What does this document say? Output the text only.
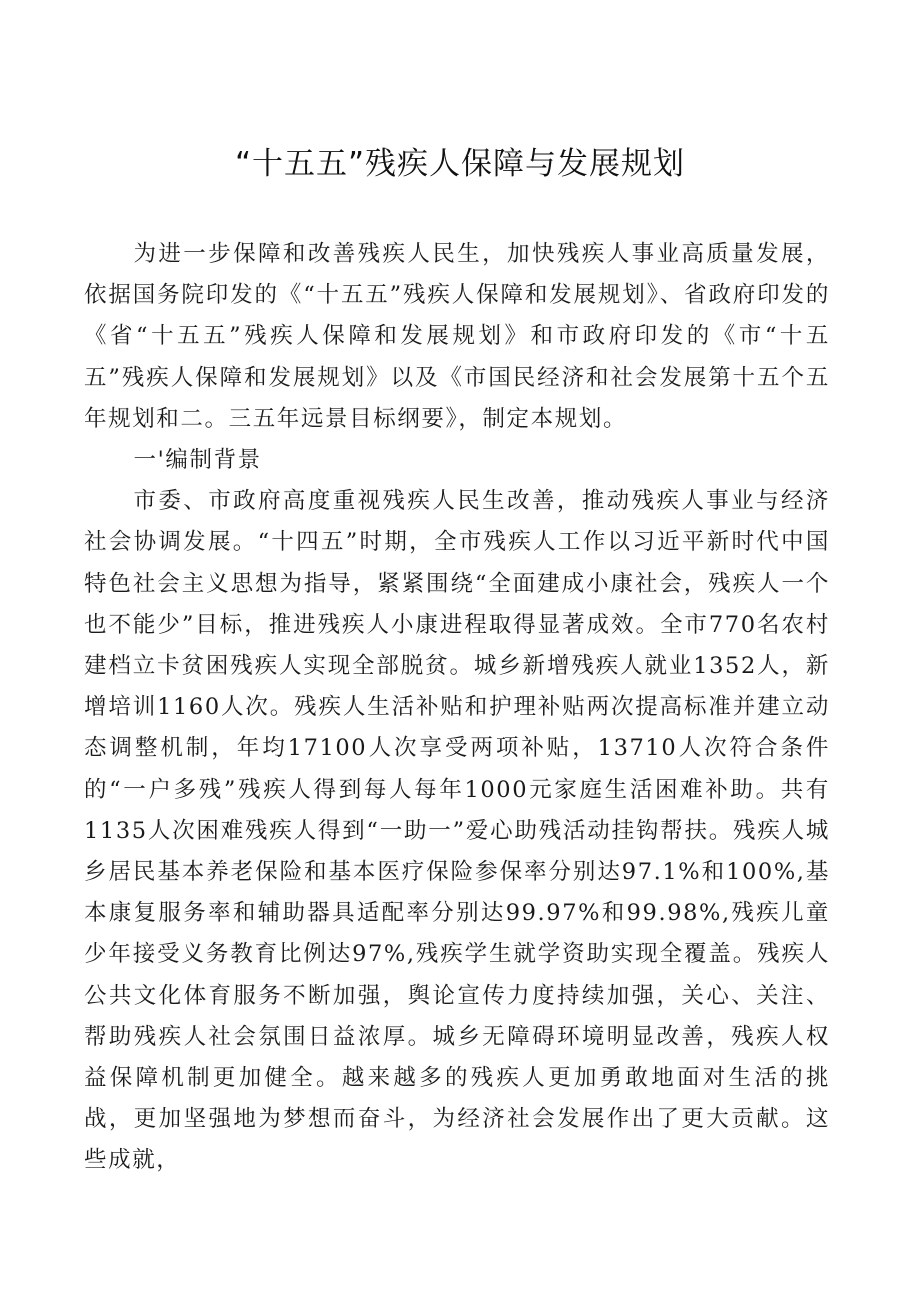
“十五五”残疾人保障与发展规划

为进一步保障和改善残疾人民生，加快残疾人事业高质量发展，依据国务院印发的《“十五五”残疾人保障和发展规划》、省政府印发的《省“十五五”残疾人保障和发展规划》和市政府印发的《市“十五五”残疾人保障和发展规划》以及《市国民经济和社会发展第十五个五年规划和二。三五年远景目标纲要》，制定本规划。

一'编制背景

市委、市政府高度重视残疾人民生改善，推动残疾人事业与经济社会协调发展。“十四五”时期，全市残疾人工作以习近平新时代中国特色社会主义思想为指导，紧紧围绕“全面建成小康社会，残疾人一个也不能少”目标，推进残疾人小康进程取得显著成效。全市770名农村建档立卡贫困残疾人实现全部脱贫。城乡新增残疾人就业1352人，新增培训1160人次。残疾人生活补贴和护理补贴两次提高标准并建立动态调整机制，年均17100人次享受两项补贴，13710人次符合条件的“一户多残”残疾人得到每人每年1000元家庭生活困难补助。共有1135人次困难残疾人得到“一助一”爱心助残活动挂钩帮扶。残疾人城乡居民基本养老保险和基本医疗保险参保率分别达97.1%和100%,基本康复服务率和辅助器具适配率分别达99.97%和99.98%,残疾儿童少年接受义务教育比例达97%,残疾学生就学资助实现全覆盖。残疾人公共文化体育服务不断加强，舆论宣传力度持续加强，关心、关注、帮助残疾人社会氛围日益浓厚。城乡无障碍环境明显改善，残疾人权益保障机制更加健全。越来越多的残疾人更加勇敢地面对生活的挑战，更加坚强地为梦想而奋斗，为经济社会发展作出了更大贡献。这些成就，
